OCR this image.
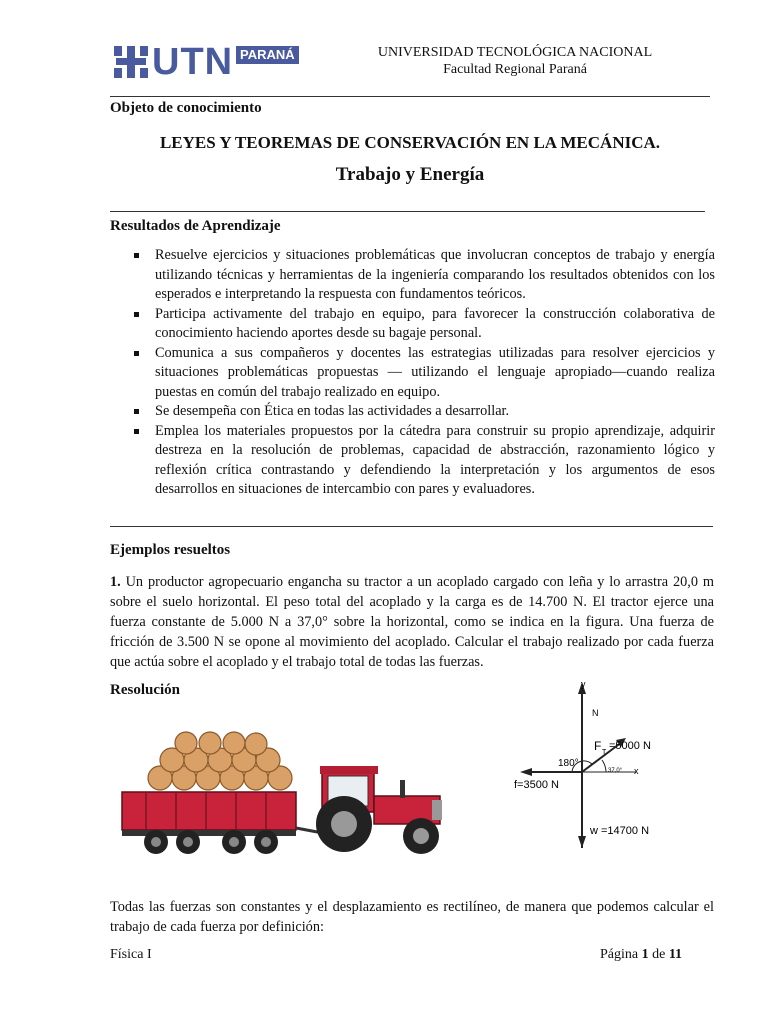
UTN PARANÁ	UNIVERSIDAD TECNOLÓGICA NACIONAL
Facultad Regional Paraná
Objeto de conocimiento
LEYES Y TEOREMAS DE CONSERVACIÓN EN LA MECÁNICA.
Trabajo y Energía
Resultados de Aprendizaje
Resuelve ejercicios y situaciones problemáticas que involucran conceptos de trabajo y energía utilizando técnicas y herramientas de la ingeniería comparando los resultados obtenidos con los esperados e interpretando la respuesta con fundamentos teóricos.
Participa activamente del trabajo en equipo, para favorecer la construcción colaborativa de conocimiento haciendo aportes desde su bagaje personal.
Comunica a sus compañeros y docentes las estrategias utilizadas para resolver ejercicios y situaciones problemáticas propuestas — utilizando el lenguaje apropiado—cuando realiza puestas en común del trabajo realizado en equipo.
Se desempeña con Ética en todas las actividades a desarrollar.
Emplea los materiales propuestos por la cátedra para construir su propio aprendizaje, adquirir destreza en la resolución de problemas, capacidad de abstracción, razonamiento lógico y reflexión crítica contrastando y defendiendo la interpretación y los argumentos de esos desarrollos en situaciones de intercambio con pares y evaluadores.
Ejemplos resueltos
1. Un productor agropecuario engancha su tractor a un acoplado cargado con leña y lo arrastra 20,0 m sobre el suelo horizontal. El peso total del acoplado y la carga es de 14.700 N. El tractor ejerce una fuerza constante de 5.000 N a 37,0° sobre la horizontal, como se indica en la figura. Una fuerza de fricción de 3.500 N se opone al movimiento del acoplado. Calcular el trabajo realizado por cada fuerza que actúa sobre el acoplado y el trabajo total de todas las fuerzas.
Resolución	y
x
N
F T
=5000 N
180°
37,0°
f=3500 N
w =14700 N
Todas las fuerzas son constantes y el desplazamiento es rectilíneo, de manera que podemos calcular el trabajo de cada fuerza por definición:
Física I	Página 1 de 11
